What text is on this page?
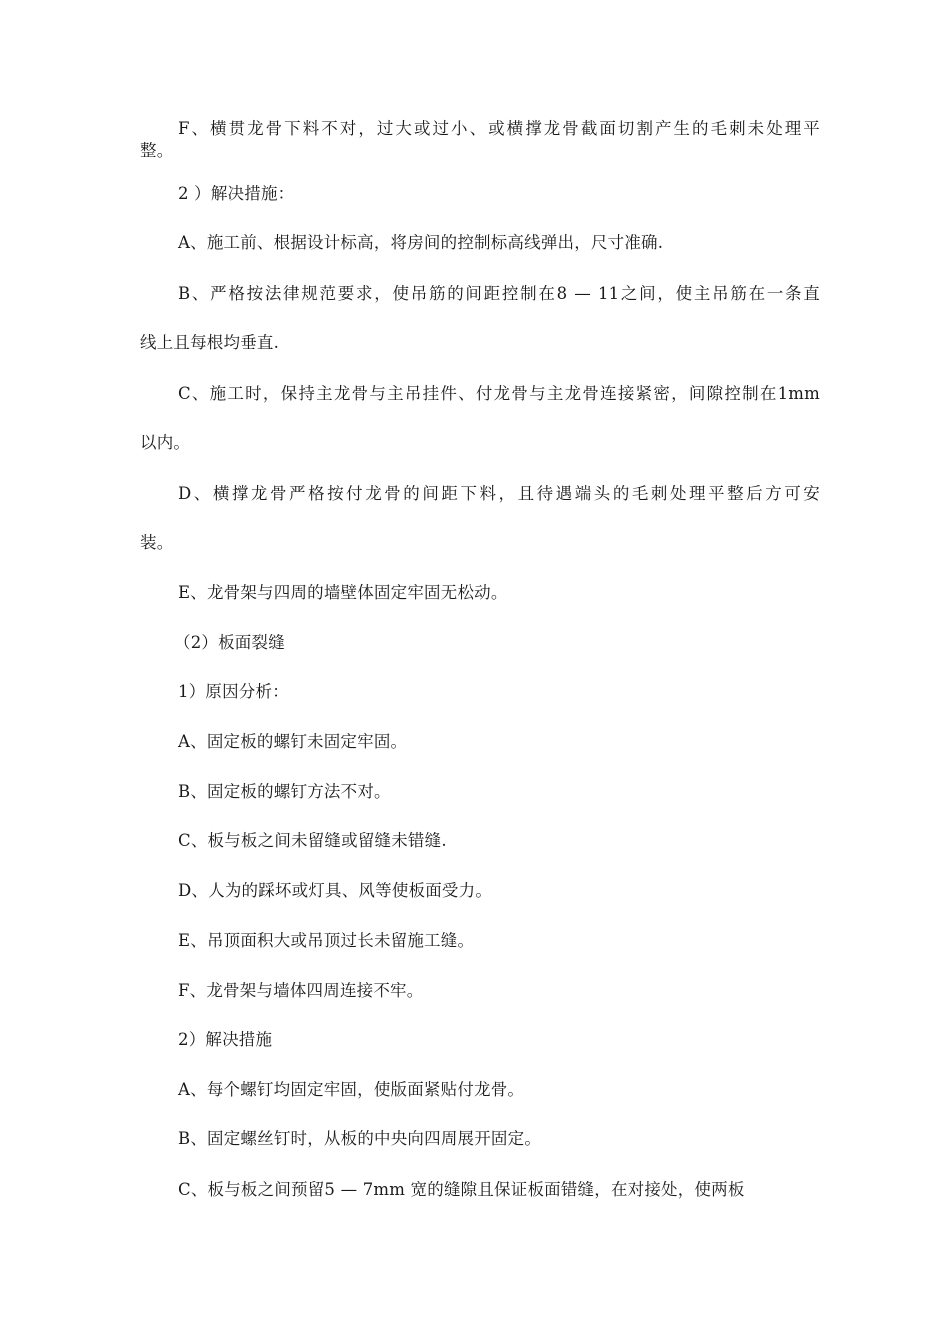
F、横贯龙骨下料不对，过大或过小、或横撑龙骨截面切割产生的毛刺未处理平
整。
2 ）解决措施：
A、施工前、根据设计标高，将房间的控制标高线弹出，尺寸准确.
B、严格按法律规范要求，使吊筋的间距控制在8 — 11之间，使主吊筋在一条直
线上且每根均垂直.
C、施工时，保持主龙骨与主吊挂件、付龙骨与主龙骨连接紧密，间隙控制在1mm
以内。
D、横撑龙骨严格按付龙骨的间距下料，且待遇端头的毛刺处理平整后方可安
装。
E、龙骨架与四周的墙壁体固定牢固无松动。
（2）板面裂缝
1）原因分析：
A、固定板的螺钉未固定牢固。
B、固定板的螺钉方法不对。
C、板与板之间未留缝或留缝未错缝.
D、人为的踩坏或灯具、风等使板面受力。
E、吊顶面积大或吊顶过长未留施工缝。
F、龙骨架与墙体四周连接不牢。
2）解决措施
A、每个螺钉均固定牢固，使版面紧贴付龙骨。
B、固定螺丝钉时，从板的中央向四周展开固定。
C、板与板之间预留5 — 7mm 宽的缝隙且保证板面错缝，在对接处，使两板
